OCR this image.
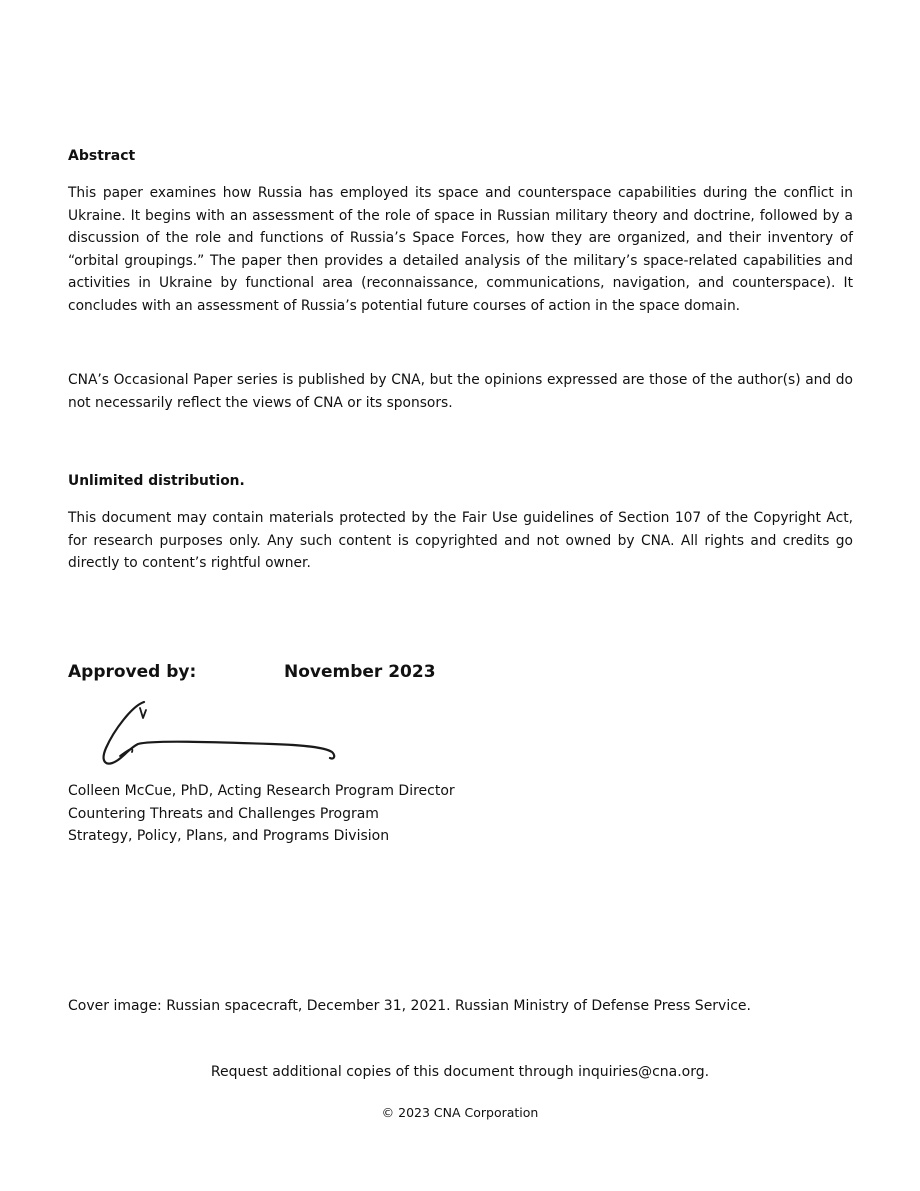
Abstract

This paper examines how Russia has employed its space and counterspace capabilities during the conflict in Ukraine. It begins with an assessment of the role of space in Russian military theory and doctrine, followed by a discussion of the role and functions of Russia’s Space Forces, how they are organized, and their inventory of “orbital groupings.” The paper then provides a detailed analysis of the military’s space-related capabilities and activities in Ukraine by functional area (reconnaissance, communications, navigation, and counterspace). It concludes with an assessment of Russia’s potential future courses of action in the space domain.

CNA’s Occasional Paper series is published by CNA, but the opinions expressed are those of the author(s) and do not necessarily reflect the views of CNA or its sponsors.

Unlimited distribution.

This document may contain materials protected by the Fair Use guidelines of Section 107 of the Copyright Act, for research purposes only. Any such content is copyrighted and not owned by CNA. All rights and credits go directly to content’s rightful owner.

Approved by:	November 2023
Colleen McCue, PhD, Acting Research Program Director
Countering Threats and Challenges Program
Strategy, Policy, Plans, and Programs Division
Cover image: Russian spacecraft, December 31, 2021. Russian Ministry of Defense Press Service.
Request additional copies of this document through inquiries@cna.org.
© 2023 CNA Corporation
